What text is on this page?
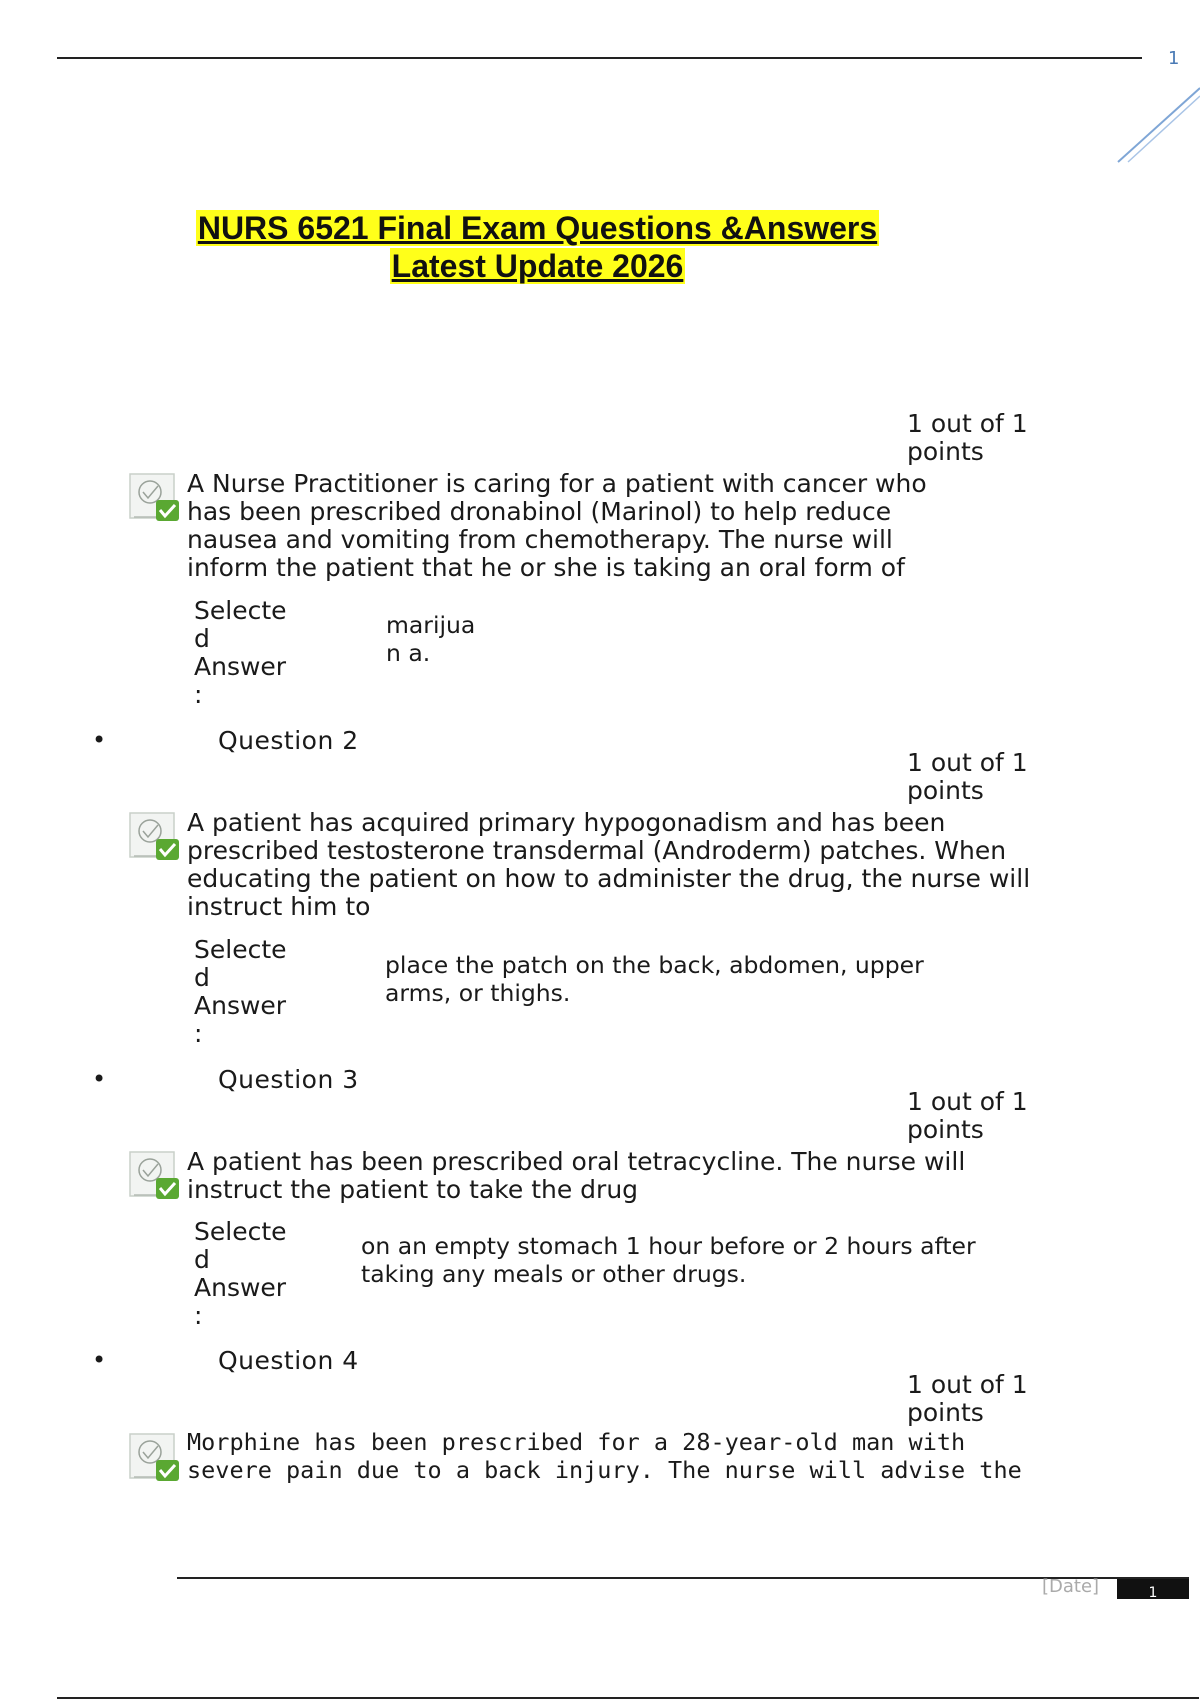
1
NURS 6521 Final Exam Questions &Answers
Latest Update 2026
1 out of 1
points
A Nurse Practitioner is caring for a patient with cancer who
has been prescribed dronabinol (Marinol) to help reduce
nausea and vomiting from chemotherapy. The nurse will
inform the patient that he or she is taking an oral form of
Selecte
d
Answer
:
marijua
n a.
•	Question 2
1 out of 1
points
A patient has acquired primary hypogonadism and has been
prescribed testosterone transdermal (Androderm) patches. When
educating the patient on how to administer the drug, the nurse will
instruct him to
Selecte
d
Answer
:
place the patch on the back, abdomen, upper
arms, or thighs.
•	Question 3
1 out of 1
points
A patient has been prescribed oral tetracycline. The nurse will
instruct the patient to take the drug
Selecte
d
Answer
:
on an empty stomach 1 hour before or 2 hours after
taking any meals or other drugs.
•	Question 4
1 out of 1
points
Morphine has been prescribed for a 28-year-old man with
severe pain due to a back injury. The nurse will advise the
[Date]	1
